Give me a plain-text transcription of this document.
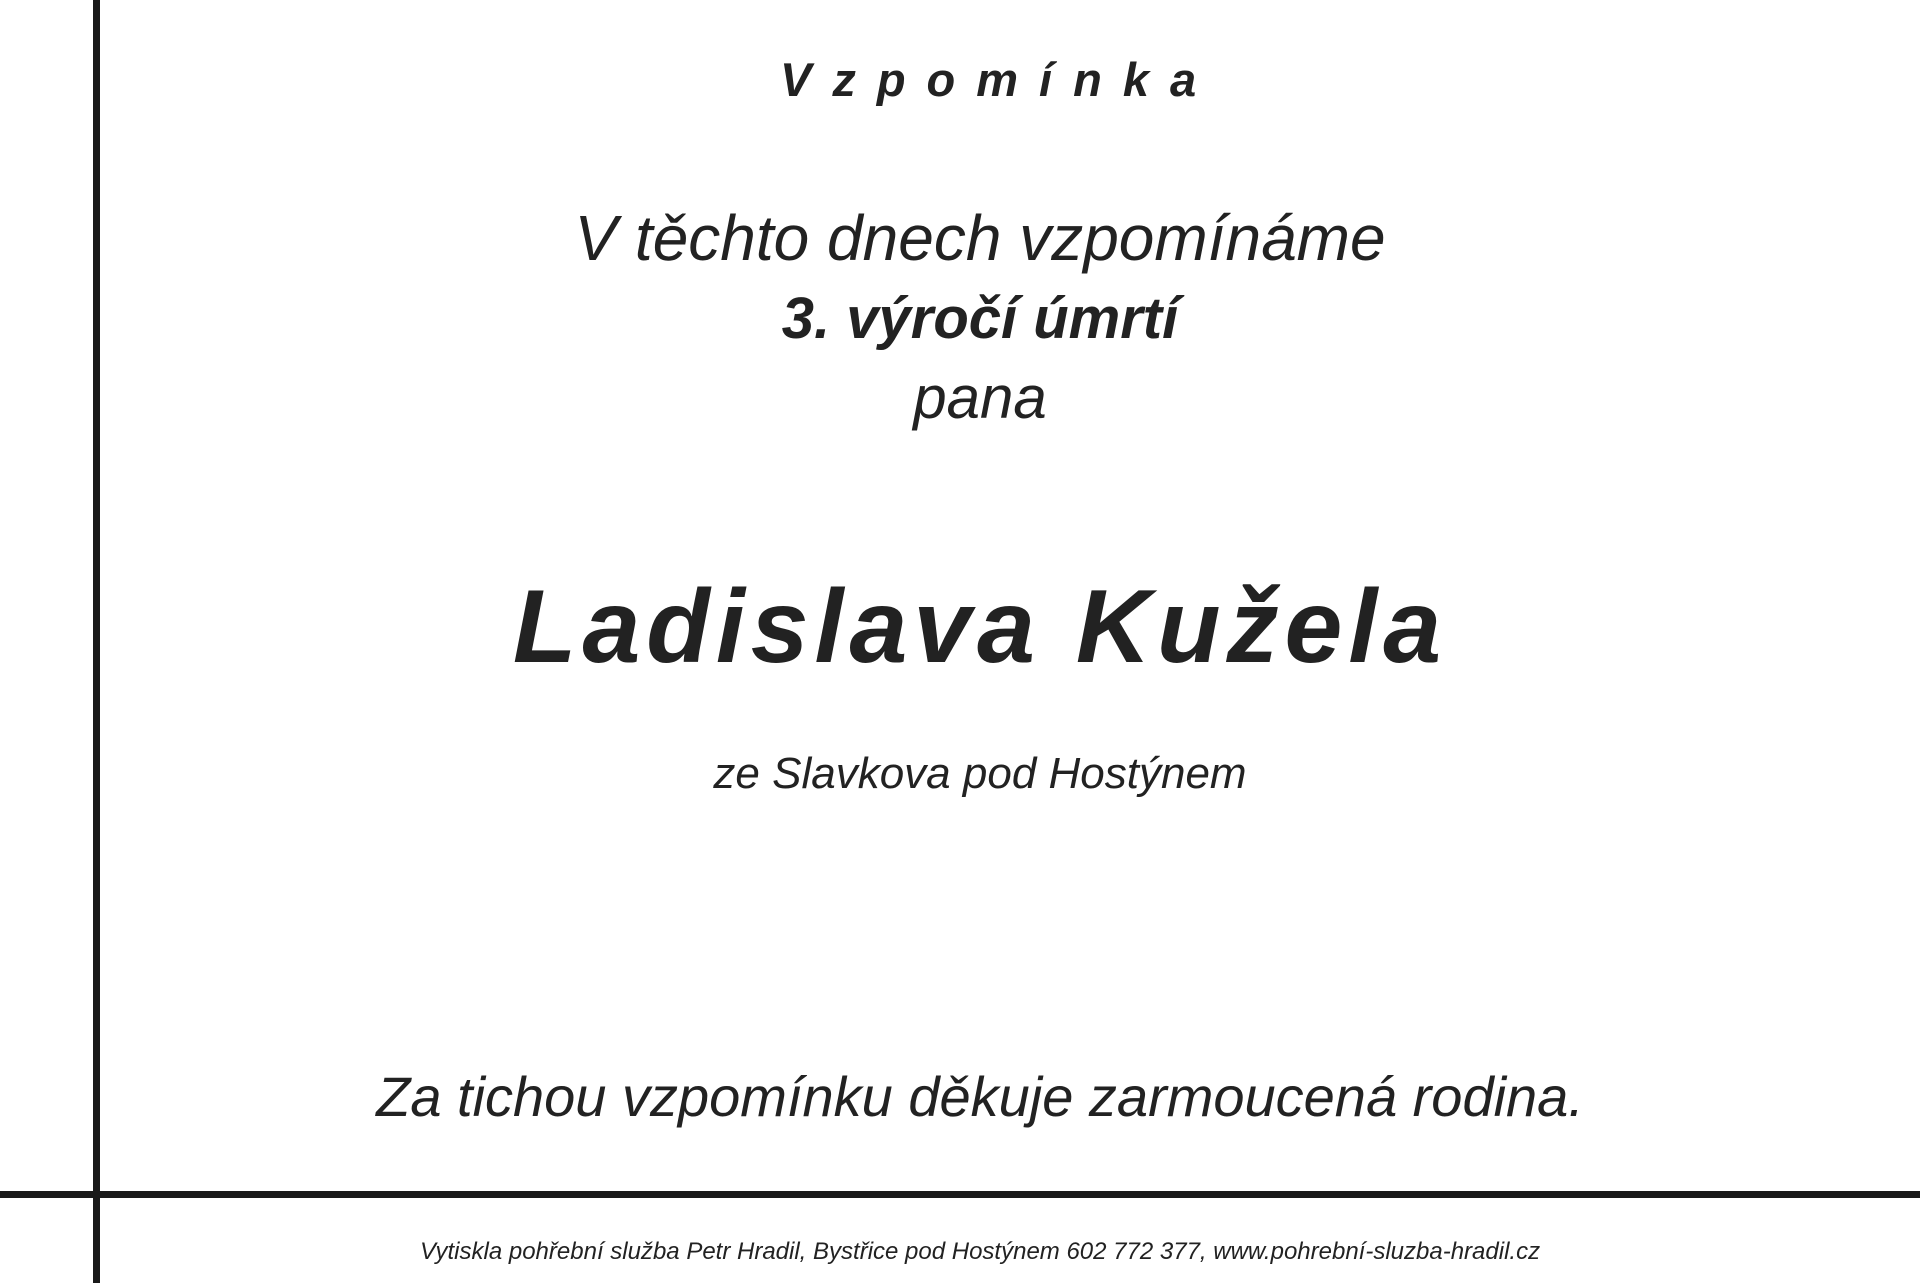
Vzpomínka
V těchto dnech vzpomínáme
3. výročí úmrtí
pana
Ladislava Kužela
ze Slavkova pod Hostýnem
Za tichou vzpomínku děkuje zarmoucená rodina.
Vytiskla pohřební služba Petr Hradil, Bystřice pod Hostýnem 602 772 377, www.pohrební-sluzba-hradil.cz
